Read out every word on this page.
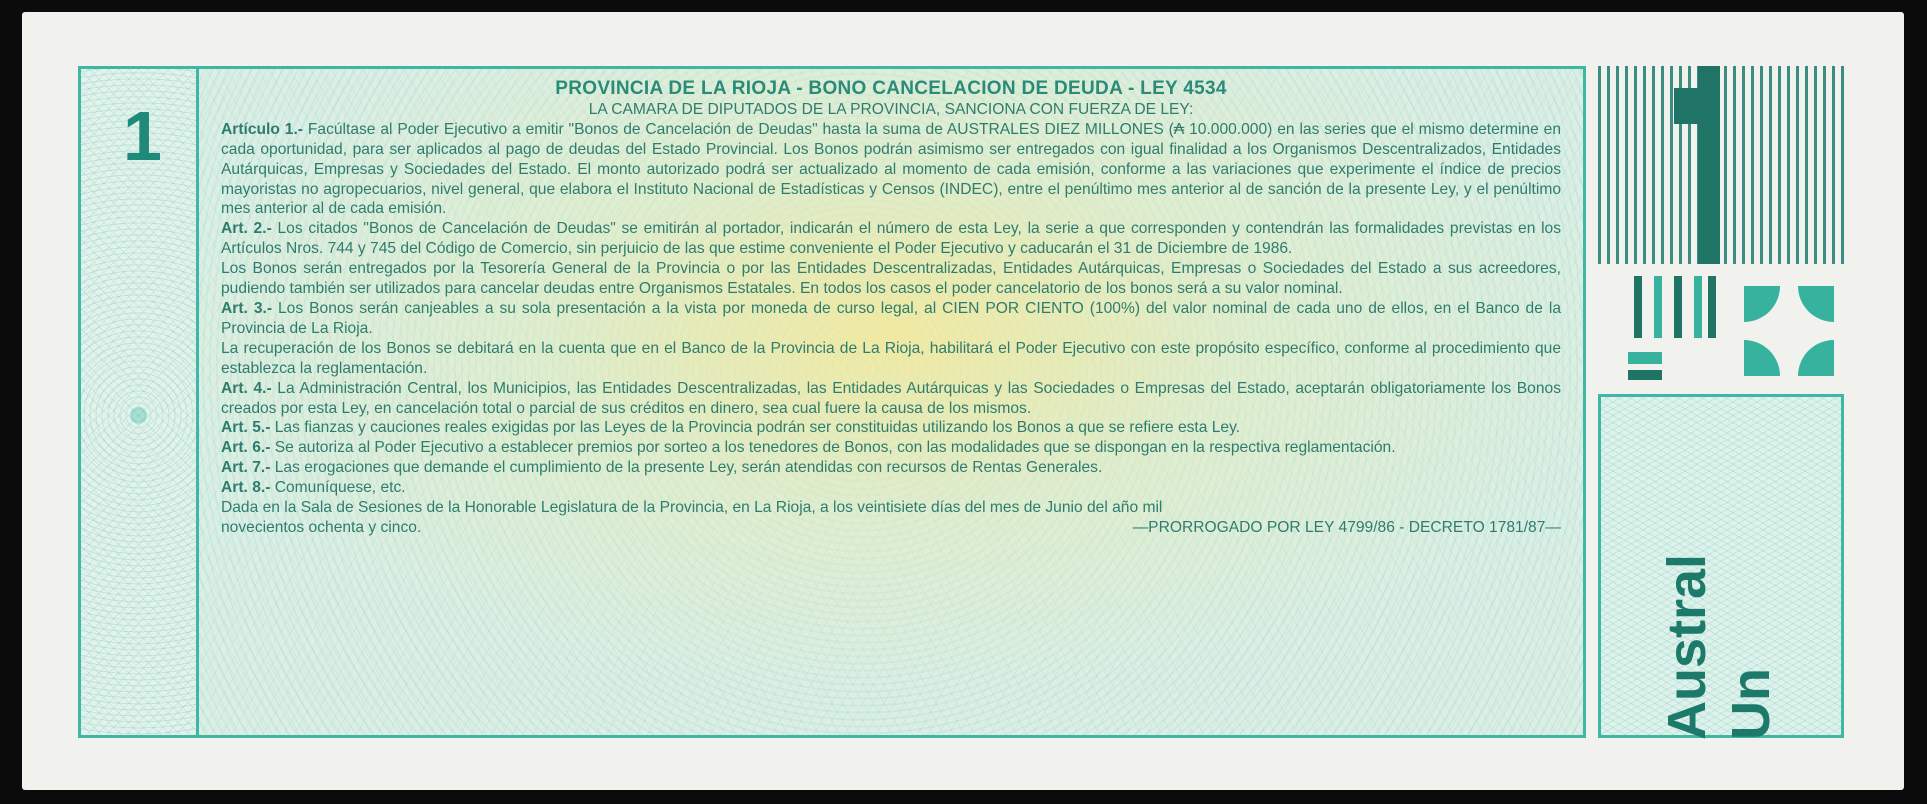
1
PROVINCIA DE LA RIOJA - BONO CANCELACION DE DEUDA - LEY 4534
LA CAMARA DE DIPUTADOS DE LA PROVINCIA, SANCIONA CON FUERZA DE LEY:

Artículo 1.- Facúltase al Poder Ejecutivo a emitir "Bonos de Cancelación de Deudas" hasta la suma de AUSTRALES DIEZ MILLONES (₳ 10.000.000) en las series que el mismo determine en cada oportunidad, para ser aplicados al pago de deudas del Estado Provincial. Los Bonos podrán asimismo ser entregados con igual finalidad a los Organismos Descentralizados, Entidades Autárquicas, Empresas y Sociedades del Estado. El monto autorizado podrá ser actualizado al momento de cada emisión, conforme a las variaciones que experimente el índice de precios mayoristas no agropecuarios, nivel general, que elabora el Instituto Nacional de Estadísticas y Censos (INDEC), entre el penúltimo mes anterior al de sanción de la presente Ley, y el penúltimo mes anterior al de cada emisión.

Art. 2.- Los citados "Bonos de Cancelación de Deudas" se emitirán al portador, indicarán el número de esta Ley, la serie a que corresponden y contendrán las formalidades previstas en los Artículos Nros. 744 y 745 del Código de Comercio, sin perjuicio de las que estime conveniente el Poder Ejecutivo y caducarán el 31 de Diciembre de 1986.

Los Bonos serán entregados por la Tesorería General de la Provincia o por las Entidades Descentralizadas, Entidades Autárquicas, Empresas o Sociedades del Estado a sus acreedores, pudiendo también ser utilizados para cancelar deudas entre Organismos Estatales. En todos los casos el poder cancelatorio de los bonos será a su valor nominal.

Art. 3.- Los Bonos serán canjeables a su sola presentación a la vista por moneda de curso legal, al CIEN POR CIENTO (100%) del valor nominal de cada uno de ellos, en el Banco de la Provincia de La Rioja.

La recuperación de los Bonos se debitará en la cuenta que en el Banco de la Provincia de La Rioja, habilitará el Poder Ejecutivo con este propósito específico, conforme al procedimiento que establezca la reglamentación.

Art. 4.- La Administración Central, los Municipios, las Entidades Descentralizadas, las Entidades Autárquicas y las Sociedades o Empresas del Estado, aceptarán obligatoriamente los Bonos creados por esta Ley, en cancelación total o parcial de sus créditos en dinero, sea cual fuere la causa de los mismos.

Art. 5.- Las fianzas y cauciones reales exigidas por las Leyes de la Provincia podrán ser constituidas utilizando los Bonos a que se refiere esta Ley.

Art. 6.- Se autoriza al Poder Ejecutivo a establecer premios por sorteo a los tenedores de Bonos, con las modalidades que se dispongan en la respectiva reglamentación.

Art. 7.- Las erogaciones que demande el cumplimiento de la presente Ley, serán atendidas con recursos de Rentas Generales.

Art. 8.- Comuníquese, etc.

Dada en la Sala de Sesiones de la Honorable Legislatura de la Provincia, en La Rioja, a los veintisiete días del mes de Junio del año mil

novecientos ochenta y cinco.	—PRORROGADO POR LEY 4799/86 - DECRETO 1781/87—
Austral Un
